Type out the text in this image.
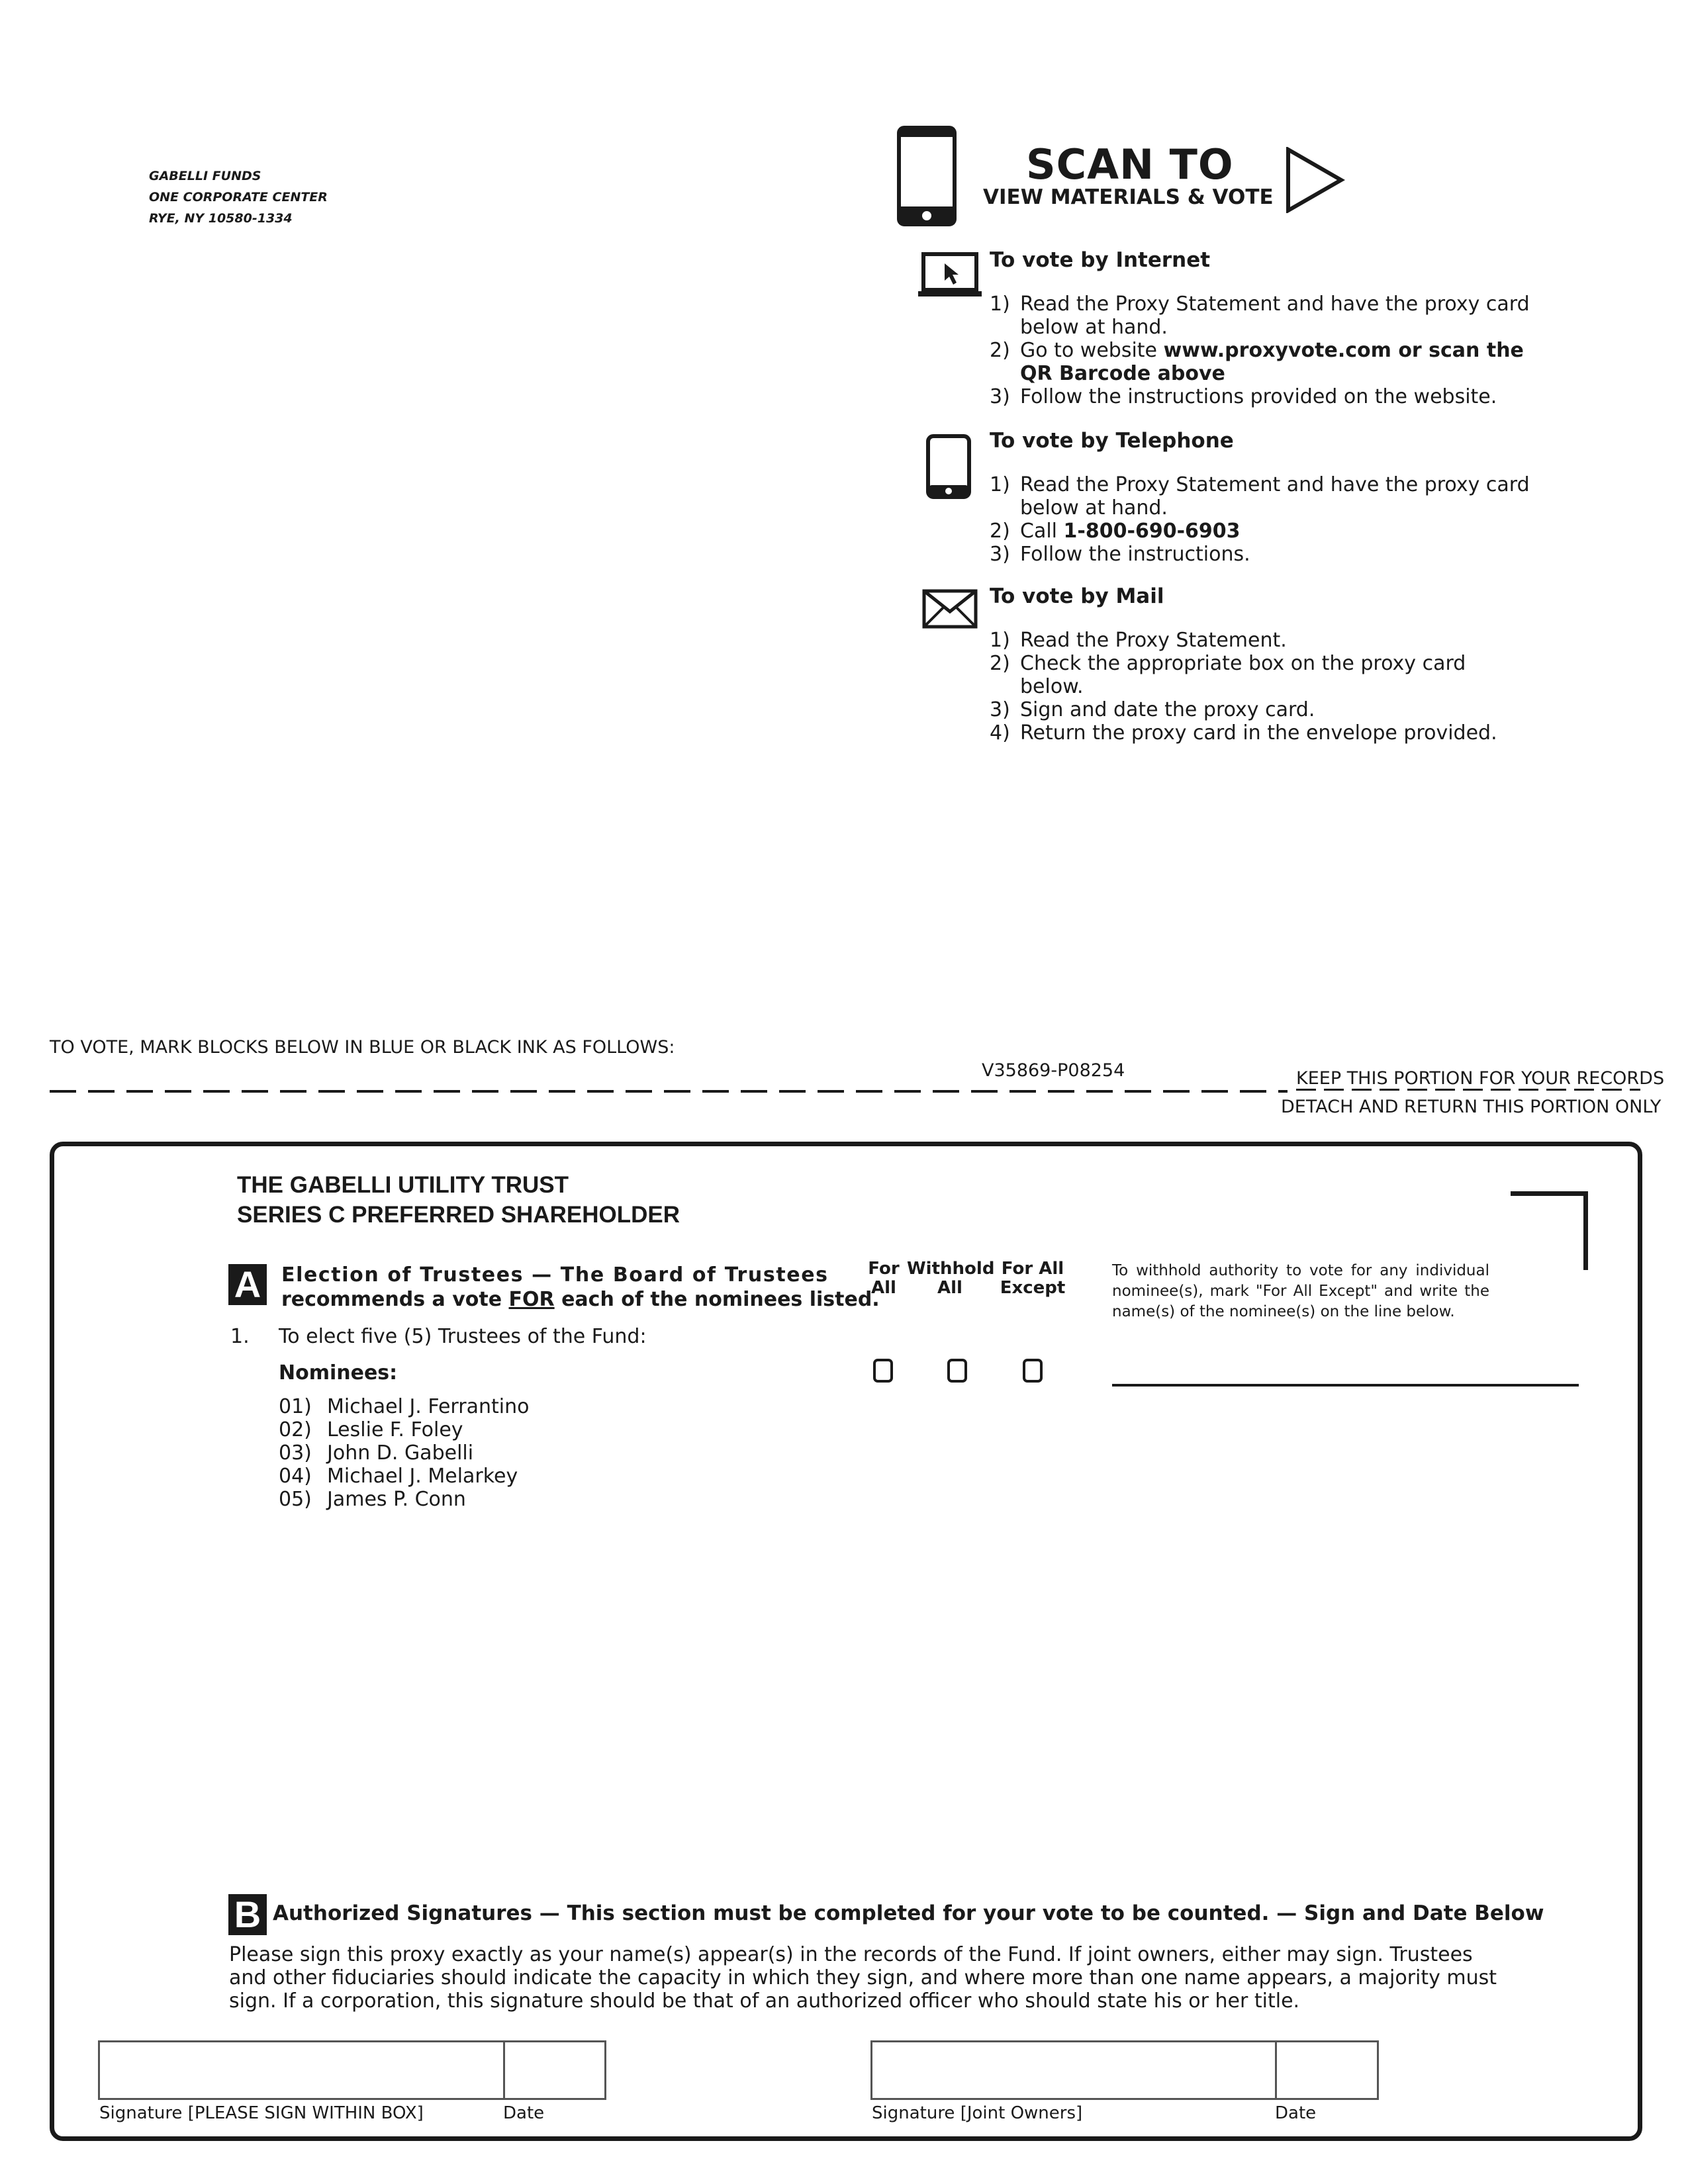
GABELLI FUNDS
ONE CORPORATE CENTER
RYE, NY 10580-1334
SCAN TO
VIEW MATERIALS & VOTE
To vote by Internet
1) Read the Proxy Statement and have the proxy card below at hand.
2) Go to website www.proxyvote.com or scan the QR Barcode above
3) Follow the instructions provided on the website.
To vote by Telephone
1) Read the Proxy Statement and have the proxy card below at hand.
2) Call 1-800-690-6903
3) Follow the instructions.
To vote by Mail
1) Read the Proxy Statement.
2) Check the appropriate box on the proxy card below.
3) Sign and date the proxy card.
4) Return the proxy card in the envelope provided.
TO VOTE, MARK BLOCKS BELOW IN BLUE OR BLACK INK AS FOLLOWS:
V35869-P08254	KEEP THIS PORTION FOR YOUR RECORDS
DETACH AND RETURN THIS PORTION ONLY
THE GABELLI UTILITY TRUST
SERIES C PREFERRED SHAREHOLDER
A Election of Trustees — The Board of Trustees
recommends a vote FOR each of the nominees listed.
1. To elect five (5) Trustees of the Fund:
Nominees:
01) Michael J. Ferrantino
02) Leslie F. Foley
03) John D. Gabelli
04) Michael J. Melarkey
05) James P. Conn
For
All
Withhold
All
For All
Except
To withhold authority to vote for any individual nominee(s), mark "For All Except" and write the name(s) of the nominee(s) on the line below.
B Authorized Signatures — This section must be completed for your vote to be counted. — Sign and Date Below
Please sign this proxy exactly as your name(s) appear(s) in the records of the Fund. If joint owners, either may sign. Trustees and other fiduciaries should indicate the capacity in which they sign, and where more than one name appears, a majority must sign. If a corporation, this signature should be that of an authorized officer who should state his or her title.
Signature [PLEASE SIGN WITHIN BOX]	Date	Signature [Joint Owners]	Date
